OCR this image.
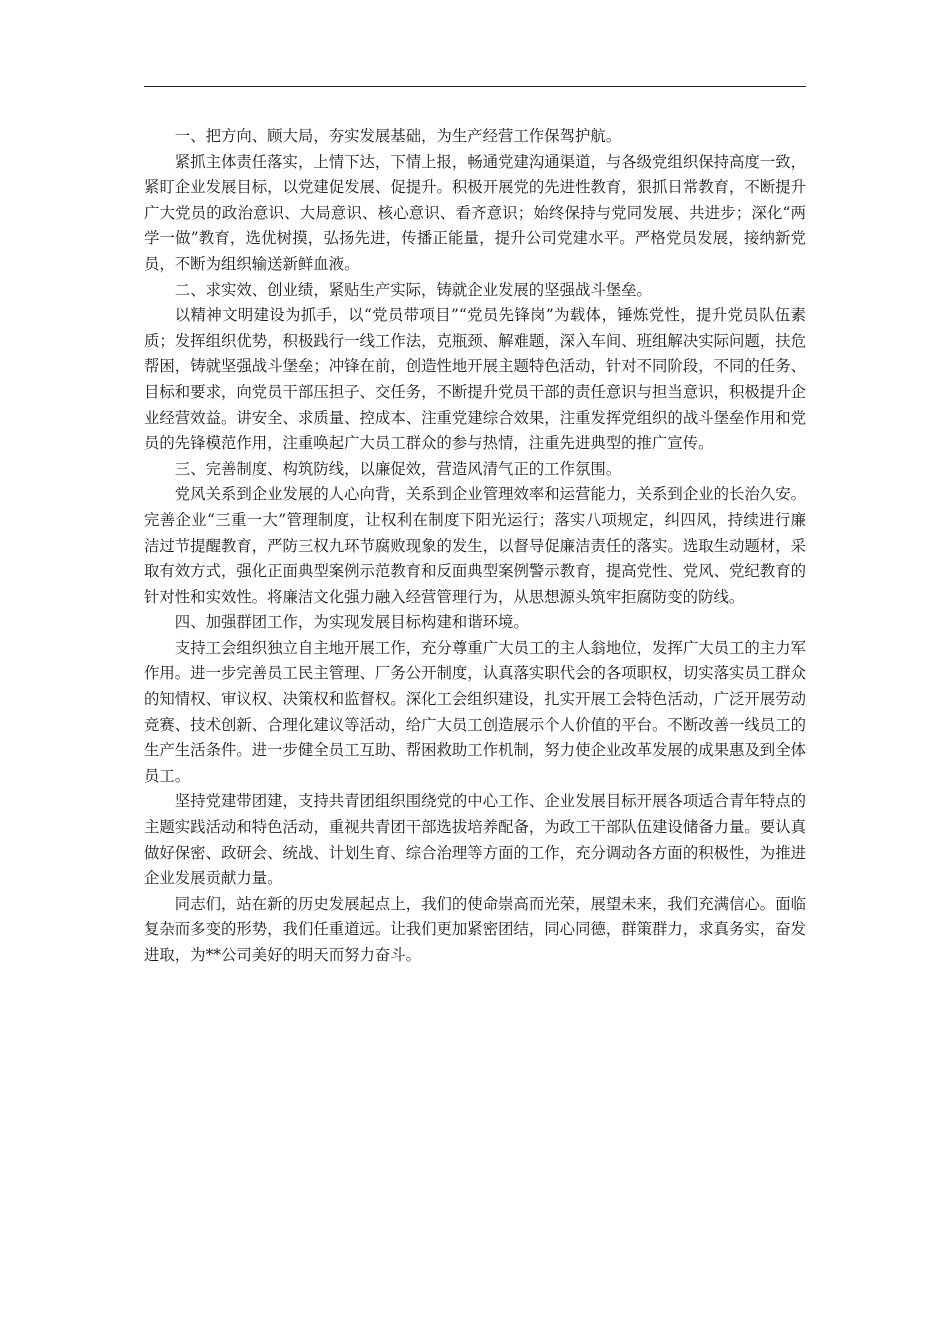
一、把方向、顾大局，夯实发展基础，为生产经营工作保驾护航。

紧抓主体责任落实，上情下达，下情上报，畅通党建沟通渠道，与各级党组织保持高度一致，紧盯企业发展目标，以党建促发展、促提升。积极开展党的先进性教育，狠抓日常教育，不断提升广大党员的政治意识、大局意识、核心意识、看齐意识；始终保持与党同发展、共进步；深化“两学一做”教育，选优树摸，弘扬先进，传播正能量，提升公司党建水平。严格党员发展，接纳新党员，不断为组织输送新鲜血液。

二、求实效、创业绩，紧贴生产实际，铸就企业发展的坚强战斗堡垒。

以精神文明建设为抓手，以“党员带项目”“党员先锋岗”为载体，锤炼党性，提升党员队伍素质；发挥组织优势，积极践行一线工作法，克瓶颈、解难题，深入车间、班组解决实际问题，扶危帮困，铸就坚强战斗堡垒；冲锋在前，创造性地开展主题特色活动，针对不同阶段，不同的任务、目标和要求，向党员干部压担子、交任务，不断提升党员干部的责任意识与担当意识，积极提升企业经营效益。讲安全、求质量、控成本、注重党建综合效果，注重发挥党组织的战斗堡垒作用和党员的先锋模范作用，注重唤起广大员工群众的参与热情，注重先进典型的推广宣传。

三、完善制度、构筑防线，以廉促效，营造风清气正的工作氛围。

党风关系到企业发展的人心向背，关系到企业管理效率和运营能力，关系到企业的长治久安。完善企业“三重一大”管理制度，让权利在制度下阳光运行；落实八项规定，纠四风，持续进行廉洁过节提醒教育，严防三权九环节腐败现象的发生，以督导促廉洁责任的落实。选取生动题材，采取有效方式，强化正面典型案例示范教育和反面典型案例警示教育，提高党性、党风、党纪教育的针对性和实效性。将廉洁文化强力融入经营管理行为，从思想源头筑牢拒腐防变的防线。

四、加强群团工作，为实现发展目标构建和谐环境。

支持工会组织独立自主地开展工作，充分尊重广大员工的主人翁地位，发挥广大员工的主力军作用。进一步完善员工民主管理、厂务公开制度，认真落实职代会的各项职权，切实落实员工群众的知情权、审议权、决策权和监督权。深化工会组织建设，扎实开展工会特色活动，广泛开展劳动竞赛、技术创新、合理化建议等活动，给广大员工创造展示个人价值的平台。不断改善一线员工的生产生活条件。进一步健全员工互助、帮困救助工作机制，努力使企业改革发展的成果惠及到全体员工。

坚持党建带团建，支持共青团组织围绕党的中心工作、企业发展目标开展各项适合青年特点的主题实践活动和特色活动，重视共青团干部选拔培养配备，为政工干部队伍建设储备力量。要认真做好保密、政研会、统战、计划生育、综合治理等方面的工作，充分调动各方面的积极性，为推进企业发展贡献力量。

同志们，站在新的历史发展起点上，我们的使命崇高而光荣，展望未来，我们充满信心。面临复杂而多变的形势，我们任重道远。让我们更加紧密团结，同心同德，群策群力，求真务实，奋发进取，为**公司美好的明天而努力奋斗。
